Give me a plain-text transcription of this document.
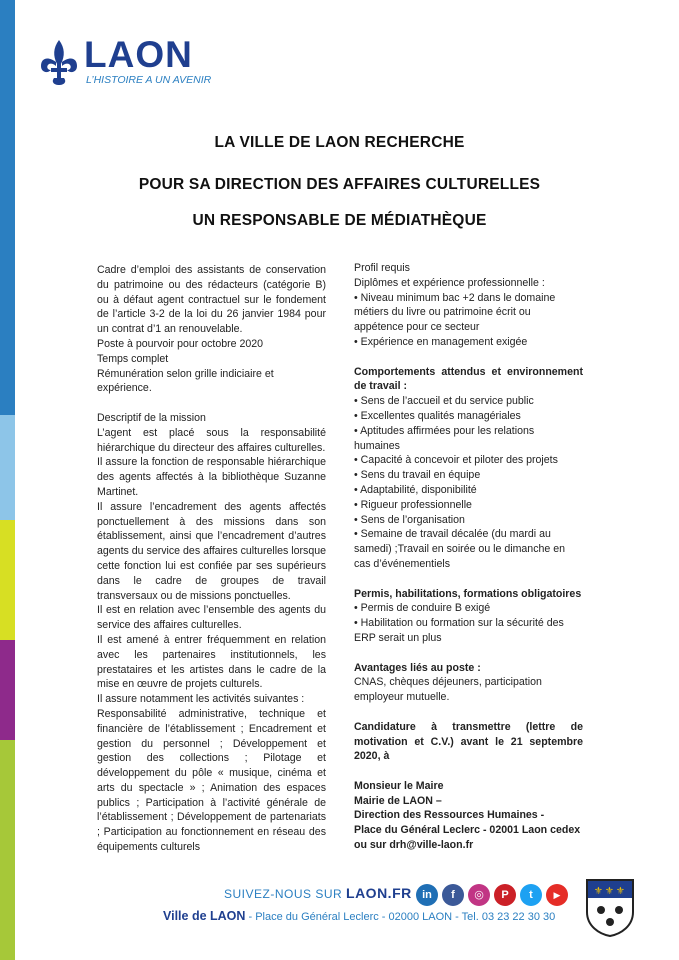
LAON
L’HISTOIRE A UN AVENIR
LA VILLE DE LAON RECHERCHE
POUR SA DIRECTION DES AFFAIRES CULTURELLES
UN RESPONSABLE DE MÉDIATHÈQUE

Cadre d’emploi des assistants de conservation du patrimoine ou des rédacteurs (catégorie B) ou à défaut agent contractuel sur le fondement de l’article 3-2 de la loi du 26 janvier 1984 pour un contrat d’1 an renouvelable.

Poste à pourvoir pour octobre 2020

Temps complet

Rémunération selon grille indiciaire et expérience.

Descriptif de la mission

L’agent est placé sous la responsabilité hiérarchique du directeur des affaires culturelles.

Il assure la fonction de responsable hiérarchique des agents affectés à la bibliothèque Suzanne Martinet.

Il assure l’encadrement des agents affectés ponctuellement à des missions dans son établissement, ainsi que l’encadrement d’autres agents du service des affaires culturelles lorsque cette fonction lui est confiée par ses supérieurs dans le cadre de groupes de travail transversaux ou de missions ponctuelles.

Il est en relation avec l’ensemble des agents du service des affaires culturelles.

Il est amené à entrer fréquemment en relation avec les partenaires institutionnels, les prestataires et les artistes dans le cadre de la mise en œuvre de projets culturels.

Il assure notamment les activités suivantes :

Responsabilité administrative, technique et financière de l’établissement ; Encadrement et gestion du personnel ; Développement et gestion des collections ; Pilotage et développement du pôle « musique, cinéma et arts du spectacle » ; Animation des espaces publics ; Participation à l’activité générale de l’établissement ; Développement de partenariats ; Participation au fonctionnement en réseau des équipements culturels

Profil requis

Diplômes et expérience professionnelle :

• Niveau minimum bac +2 dans le domaine métiers du livre ou patrimoine écrit ou appétence pour ce secteur

• Expérience en management exigée

Comportements attendus et environnement de travail :

• Sens de l’accueil et du service public

• Excellentes qualités managériales

• Aptitudes affirmées pour les relations humaines

• Capacité à concevoir et piloter des projets

• Sens du travail en équipe

• Adaptabilité, disponibilité

• Rigueur professionnelle

• Sens de l’organisation

• Semaine de travail décalée (du mardi au samedi) ;Travail en soirée ou le dimanche en cas d’événementiels

Permis, habilitations, formations obligatoires

• Permis de conduire B exigé

• Habilitation ou formation sur la sécurité des ERP serait un plus

Avantages liés au poste :

CNAS, chèques déjeuners, participation employeur mutuelle.

Candidature à transmettre (lettre de motivation et C.V.) avant le 21 septembre 2020, à

Monsieur le Maire

Mairie de LAON –

Direction des Ressources Humaines -

Place du Général Leclerc - 02001 Laon cedex

ou sur drh@ville-laon.fr

SUIVEZ-NOUS SUR LAON.FR in	f	◎	P	t	▶
Ville de LAON - Place du Général Leclerc - 02000 LAON - Tel. 03 23 22 30 30
⚜ ⚜ ⚜
